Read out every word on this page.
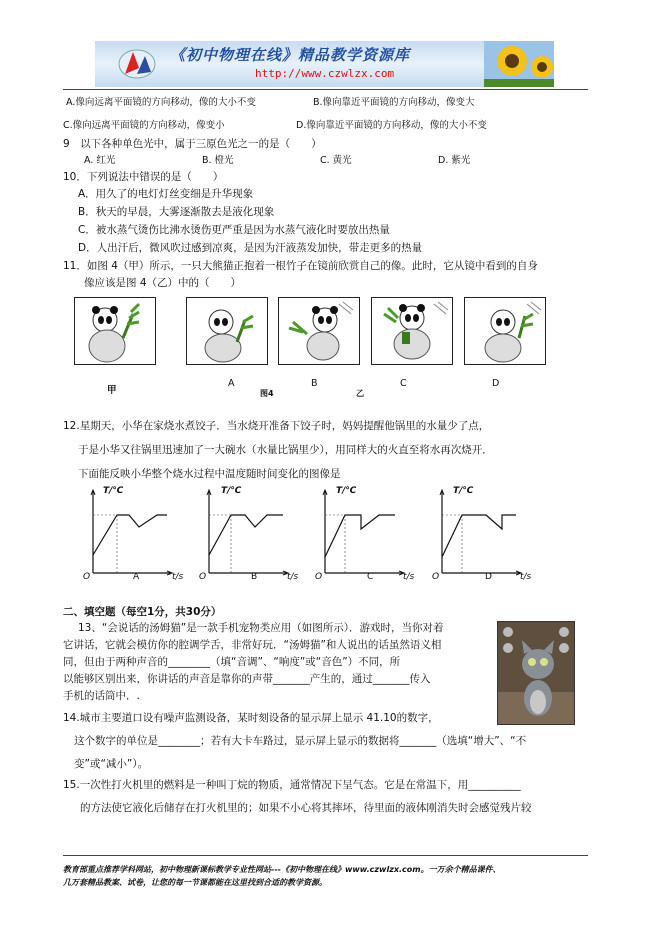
《初中物理在线》精品教学资源库
http://www.czwlzx.com
A.像向远离平面镜的方向移动，像的大小不变	B.像向靠近平面镜的方向移动，像变大
C.像向远离平面镜的方向移动，像变小	D.像向靠近平面镜的方向移动，像的大小不变
9　以下各种单色光中，属于三原色光之一的是（　　）
A. 红光	B. 橙光	C. 黄光	D. 紫光
10．下列说法中错误的是（　　）
A．用久了的电灯灯丝变细是升华现象
B．秋天的早晨，大雾逐渐散去是液化现象
C．被水蒸气烫伤比沸水烫伤更严重是因为水蒸气液化时要放出热量
D．人出汗后，微风吹过感到凉爽，是因为汗液蒸发加快，带走更多的热量
11．如图 4（甲）所示，一只大熊猫正抱着一根竹子在镜前欣赏自己的像。此时，它从镜中看到的自身
像应该是图 4（乙）中的（　　）
甲
A
图4
B
乙
C	D
12.星期天，小华在家烧水煮饺子．当水烧开准备下饺子时，妈妈提醒他锅里的水量少了点，
于是小华又往锅里迅速加了一大碗水（水量比锅里少），用同样大的火直至将水再次烧开．
下面能反映小华整个烧水过程中温度随时间变化的图像是
T/℃
O	A	t/s
T/℃
O	B	t/s
T/℃
O	C	t/s
T/℃
O	D	t/s
二、填空题（每空1分，共30分）
13、“会说话的汤姆猫”是一款手机宠物类应用（如图所示）．游戏时，当你对着
它讲话，它就会模仿你的腔调学舌，非常好玩．“汤姆猫”和人说出的话虽然语义相
同，但由于两种声音的________（填“音调”、“响度”或“音色”）不同，所
以能够区别出来，你讲话的声音是靠你的声带_______产生的，通过_______传入
手机的话筒中．.
14.城市主要道口设有噪声监测设备，某时刻设备的显示屏上显示 41.10的数字，
这个数字的单位是________；若有大卡车路过，显示屏上显示的数据将_______（选填“增大”、“不
变”或“减小”）。
15.一次性打火机里的燃料是一种叫丁烷的物质，通常情况下呈气态。它是在常温下，用__________
的方法使它液化后储存在打火机里的；如果不小心将其摔坏，待里面的液体刚消失时会感觉残片较
教育部重点推荐学科网站，初中物理新课标教学专业性网站---《初中物理在线》www.czwlzx.com。一万余个精品课件、
几万套精品教案、试卷，让您的每一节课都能在这里找到合适的教学资源。
